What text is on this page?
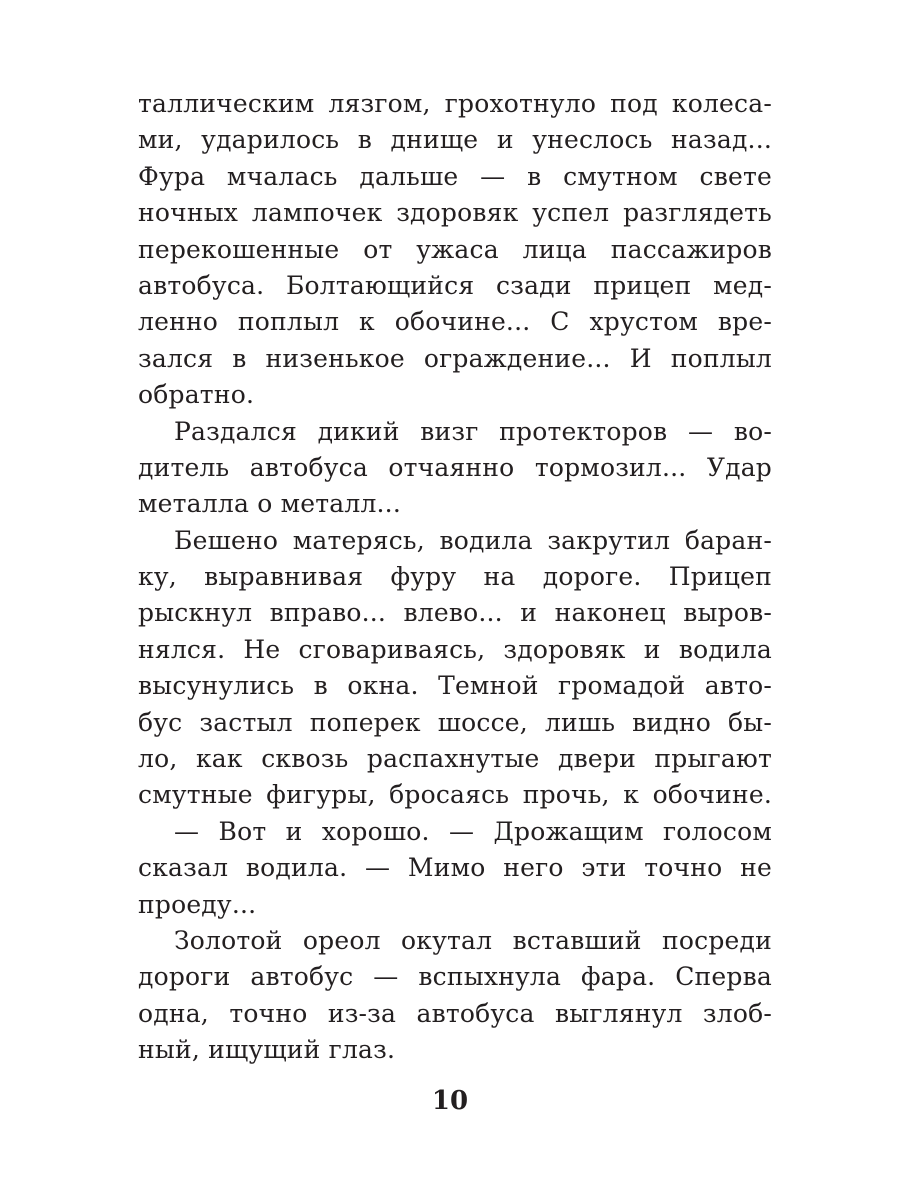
таллическим лязгом, грохотнуло под колеса-
ми, ударилось в днище и унеслось назад...
Фура мчалась дальше — в смутном свете
ночных лампочек здоровяк успел разглядеть
перекошенные от ужаса лица пассажиров
автобуса. Болтающийся сзади прицеп мед-
ленно поплыл к обочине... С хрустом вре-
зался в низенькое ограждение... И поплыл
обратно.
Раздался дикий визг протекторов — во-
дитель автобуса отчаянно тормозил... Удар
металла о металл...
Бешено матерясь, водила закрутил баран-
ку, выравнивая фуру на дороге. Прицеп
рыскнул вправо... влево... и наконец выров-
нялся. Не сговариваясь, здоровяк и водила
высунулись в окна. Темной громадой авто-
бус застыл поперек шоссе, лишь видно бы-
ло, как сквозь распахнутые двери прыгают
смутные фигуры, бросаясь прочь, к обочине.
— Вот и хорошо. — Дрожащим голосом
сказал водила. — Мимо него эти точно не
проеду...
Золотой ореол окутал вставший посреди
дороги автобус — вспыхнула фара. Сперва
одна, точно из-за автобуса выглянул злоб-
ный, ищущий глаз.
10
